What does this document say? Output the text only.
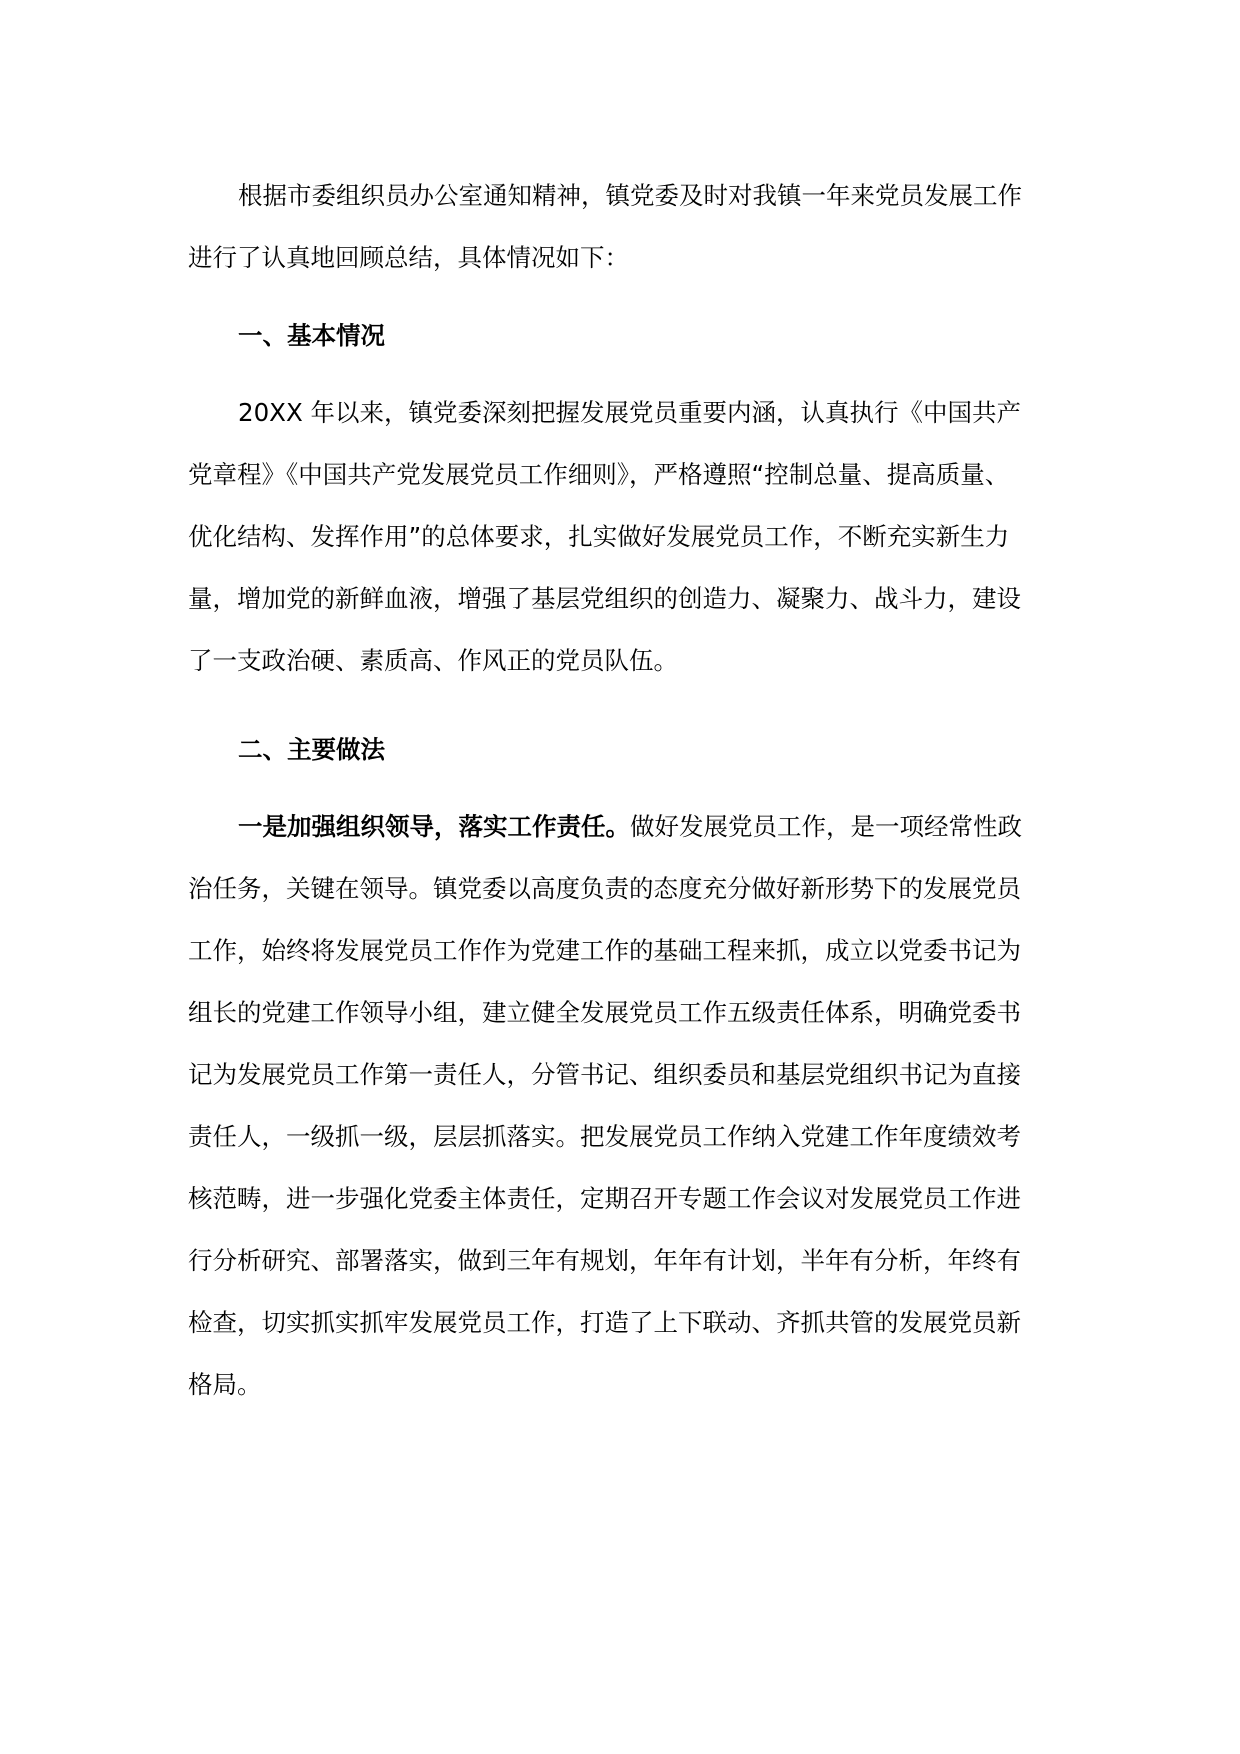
根据市委组织员办公室通知精神，镇党委及时对我镇一年来党员发展工作
进行了认真地回顾总结，具体情况如下：
一、基本情况
20XX 年以来，镇党委深刻把握发展党员重要内涵，认真执行《中国共产
党章程》《中国共产党发展党员工作细则》，严格遵照“控制总量、提高质量、
优化结构、发挥作用”的总体要求，扎实做好发展党员工作，不断充实新生力
量，增加党的新鲜血液，增强了基层党组织的创造力、凝聚力、战斗力，建设
了一支政治硬、素质高、作风正的党员队伍。
二、主要做法
一是加强组织领导，落实工作责任。做好发展党员工作，是一项经常性政
治任务，关键在领导。镇党委以高度负责的态度充分做好新形势下的发展党员
工作，始终将发展党员工作作为党建工作的基础工程来抓，成立以党委书记为
组长的党建工作领导小组，建立健全发展党员工作五级责任体系，明确党委书
记为发展党员工作第一责任人，分管书记、组织委员和基层党组织书记为直接
责任人，一级抓一级，层层抓落实。把发展党员工作纳入党建工作年度绩效考
核范畴，进一步强化党委主体责任，定期召开专题工作会议对发展党员工作进
行分析研究、部署落实，做到三年有规划，年年有计划，半年有分析，年终有
检查，切实抓实抓牢发展党员工作，打造了上下联动、齐抓共管的发展党员新
格局。
